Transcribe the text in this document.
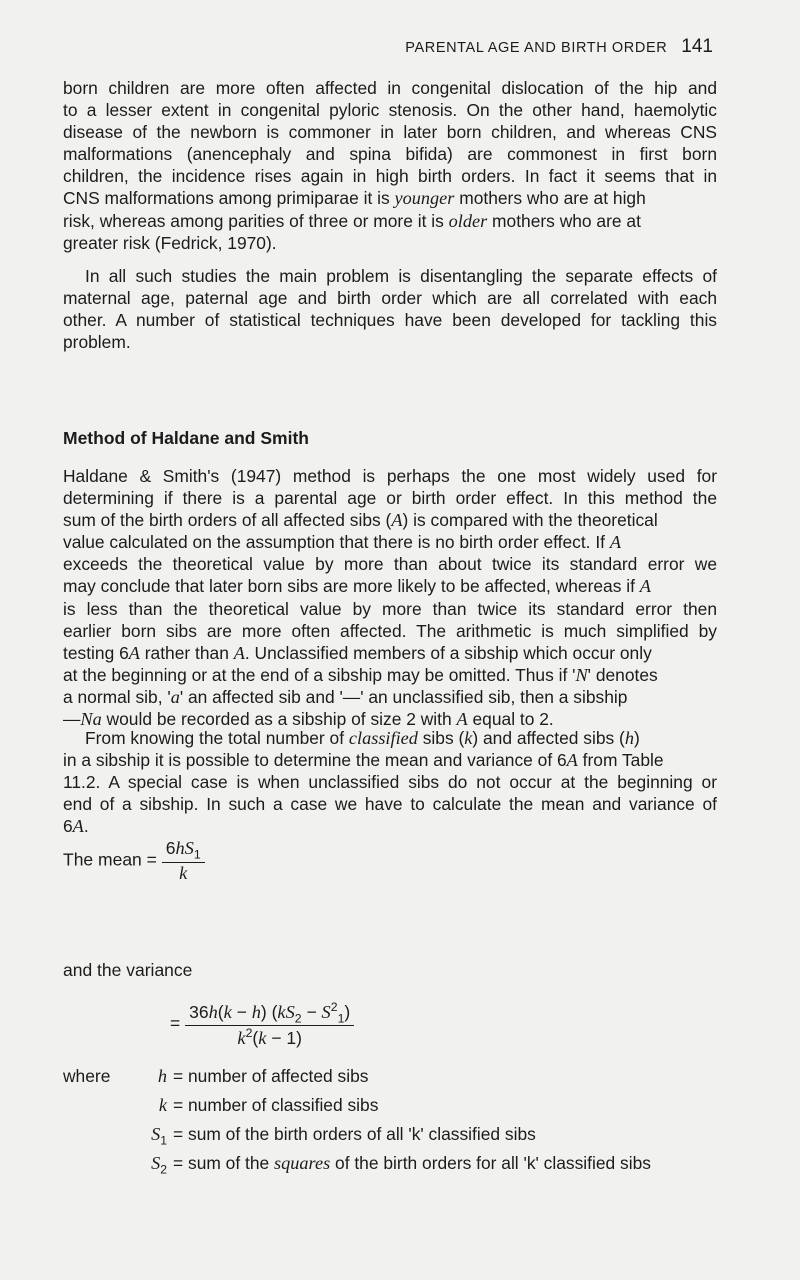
PARENTAL AGE AND BIRTH ORDER 141

born children are more often affected in congenital dislocation of the hip and
to a lesser extent in congenital pyloric stenosis. On the other hand, haemolytic
disease of the newborn is commoner in later born children, and whereas CNS
malformations (anencephaly and spina bifida) are commonest in first born
children, the incidence rises again in high birth orders. In fact it seems that in
CNS malformations among primiparae it is younger mothers who are at high
risk, whereas among parities of three or more it is older mothers who are at
greater risk (Fedrick, 1970).

In all such studies the main problem is disentangling the separate effects of
maternal age, paternal age and birth order which are all correlated with each
other. A number of statistical techniques have been developed for tackling this
problem.

Method of Haldane and Smith

Haldane & Smith's (1947) method is perhaps the one most widely used for
determining if there is a parental age or birth order effect. In this method the
sum of the birth orders of all affected sibs (A) is compared with the theoretical
value calculated on the assumption that there is no birth order effect. If A
exceeds the theoretical value by more than about twice its standard error we
may conclude that later born sibs are more likely to be affected, whereas if A
is less than the theoretical value by more than twice its standard error then
earlier born sibs are more often affected. The arithmetic is much simplified by
testing 6A rather than A. Unclassified members of a sibship which occur only
at the beginning or at the end of a sibship may be omitted. Thus if 'N' denotes
a normal sib, 'a' an affected sib and '—' an unclassified sib, then a sibship
—Na would be recorded as a sibship of size 2 with A equal to 2.

From knowing the total number of classified sibs (k) and affected sibs (h)
in a sibship it is possible to determine the mean and variance of 6A from Table
11.2. A special case is when unclassified sibs do not occur at the beginning or
end of a sibship. In such a case we have to calculate the mean and variance of
6A.

The mean = $\frac{6hS_1}{k}$
and the variance
= $\frac{36h(k - h) (kS_2 - S^2_1)}{k^2(k - 1)}$
where	h = number of affected sibs
k = number of classified sibs
$S_1$ = sum of the birth orders of all 'k' classified sibs
$S_2$ = sum of the squares of the birth orders for all 'k' classified sibs
